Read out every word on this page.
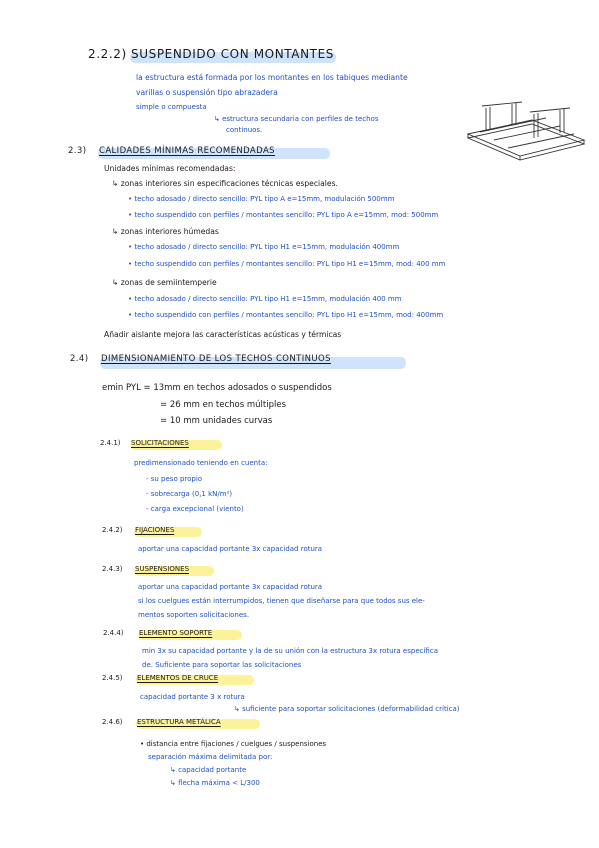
2.2.2) SUSPENDIDO CON MONTANTES
la estructura está formada por los montantes en los tabiques mediante
varillas o suspensión tipo abrazadera
simple o compuesta
↳ estructura secundaria con perfiles de techos
continuos.
2.3) CALIDADES MÍNIMAS RECOMENDADAS
Unidades mínimas recomendadas:
↳ zonas interiores sin especificaciones técnicas especiales.
• techo adosado / directo sencillo: PYL tipo A e=15mm, modulación 500mm
• techo suspendido con perfiles / montantes sencillo: PYL tipo A e=15mm, mod: 500mm
↳ zonas interiores húmedas
• techo adosado / directo sencillo: PYL tipo H1 e=15mm, modulación 400mm
• techo suspendido con perfiles / montantes sencillo: PYL tipo H1 e=15mm, mod: 400 mm
↳ zonas de semiintemperie
• techo adosado / directo sencillo: PYL tipo H1 e=15mm, modulación 400 mm
• techo suspendido con perfiles / montantes sencillo: PYL tipo H1 e=15mm, mod: 400mm
Añadir aislante mejora las características acústicas y térmicas
2.4) DIMENSIONAMIENTO DE LOS TECHOS CONTINUOS
emin PYL = 13mm en techos adosados o suspendidos
= 26 mm en techos múltiples
= 10 mm unidades curvas
2.4.1) SOLICITACIONES
predimensionado teniendo en cuenta:
- su peso propio
- sobrecarga (0,1 kN/m²)
- carga excepcional (viento)
2.4.2) FIJACIONES
aportar una capacidad portante 3x capacidad rotura
2.4.3) SUSPENSIONES
aportar una capacidad portante 3x capacidad rotura
si los cuelgues están interrumpidos, tienen que diseñarse para que todos sus ele-
mentos soporten solicitaciones.
2.4.4) ELEMENTO SOPORTE
min 3x su capacidad portante y la de su unión con la estructura 3x rotura específica
de. Suficiente para soportar las solicitaciones
2.4.5) ELEMENTOS DE CRUCE
capacidad portante 3 x rotura
↳ suficiente para soportar solicitaciones (deformabilidad crítica)
2.4.6) ESTRUCTURA METÁLICA
• distancia entre fijaciones / cuelgues / suspensiones
separación máxima delimitada por:
↳ capacidad portante
↳ flecha máxima < L/300
